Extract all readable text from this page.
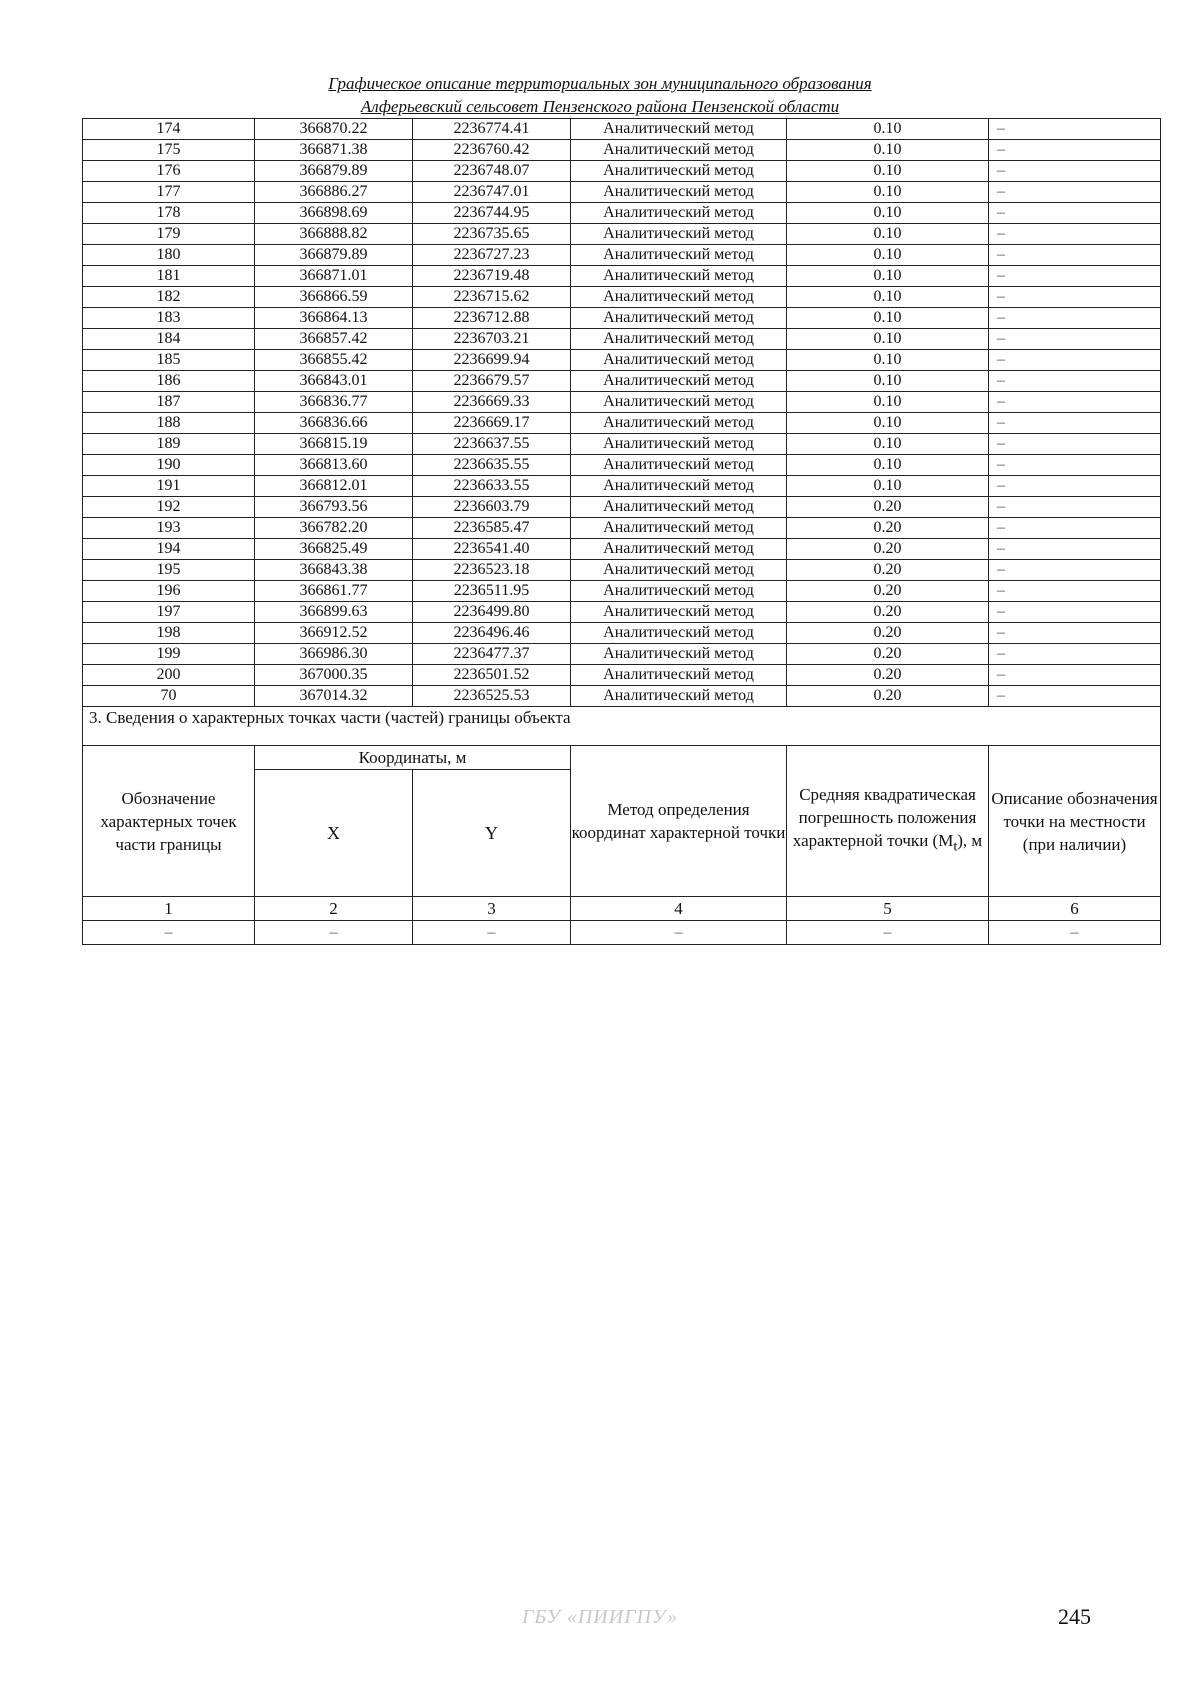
Графическое описание территориальных зон муниципального образования
Алферьевский сельсовет Пензенского района Пензенской области
174	366870.22	2236774.41	Аналитический метод	0.10	–
175	366871.38	2236760.42	Аналитический метод	0.10	–
176	366879.89	2236748.07	Аналитический метод	0.10	–
177	366886.27	2236747.01	Аналитический метод	0.10	–
178	366898.69	2236744.95	Аналитический метод	0.10	–
179	366888.82	2236735.65	Аналитический метод	0.10	–
180	366879.89	2236727.23	Аналитический метод	0.10	–
181	366871.01	2236719.48	Аналитический метод	0.10	–
182	366866.59	2236715.62	Аналитический метод	0.10	–
183	366864.13	2236712.88	Аналитический метод	0.10	–
184	366857.42	2236703.21	Аналитический метод	0.10	–
185	366855.42	2236699.94	Аналитический метод	0.10	–
186	366843.01	2236679.57	Аналитический метод	0.10	–
187	366836.77	2236669.33	Аналитический метод	0.10	–
188	366836.66	2236669.17	Аналитический метод	0.10	–
189	366815.19	2236637.55	Аналитический метод	0.10	–
190	366813.60	2236635.55	Аналитический метод	0.10	–
191	366812.01	2236633.55	Аналитический метод	0.10	–
192	366793.56	2236603.79	Аналитический метод	0.20	–
193	366782.20	2236585.47	Аналитический метод	0.20	–
194	366825.49	2236541.40	Аналитический метод	0.20	–
195	366843.38	2236523.18	Аналитический метод	0.20	–
196	366861.77	2236511.95	Аналитический метод	0.20	–
197	366899.63	2236499.80	Аналитический метод	0.20	–
198	366912.52	2236496.46	Аналитический метод	0.20	–
199	366986.30	2236477.37	Аналитический метод	0.20	–
200	367000.35	2236501.52	Аналитический метод	0.20	–
70	367014.32	2236525.53	Аналитический метод	0.20	–
3. Сведения о характерных точках части (частей) границы объекта					
Обозначение характерных точек части границы	Координаты, м		Метод определения координат характерной точки	Средняя квадратическая погрешность положения характерной точки $(M_t)$, м	Описание обозначения точки на местности (при наличии)
	X	Y			
1	2	3	4	5	6
–	–	–	–	–	–
ГБУ «ПИИГПУ»	245
